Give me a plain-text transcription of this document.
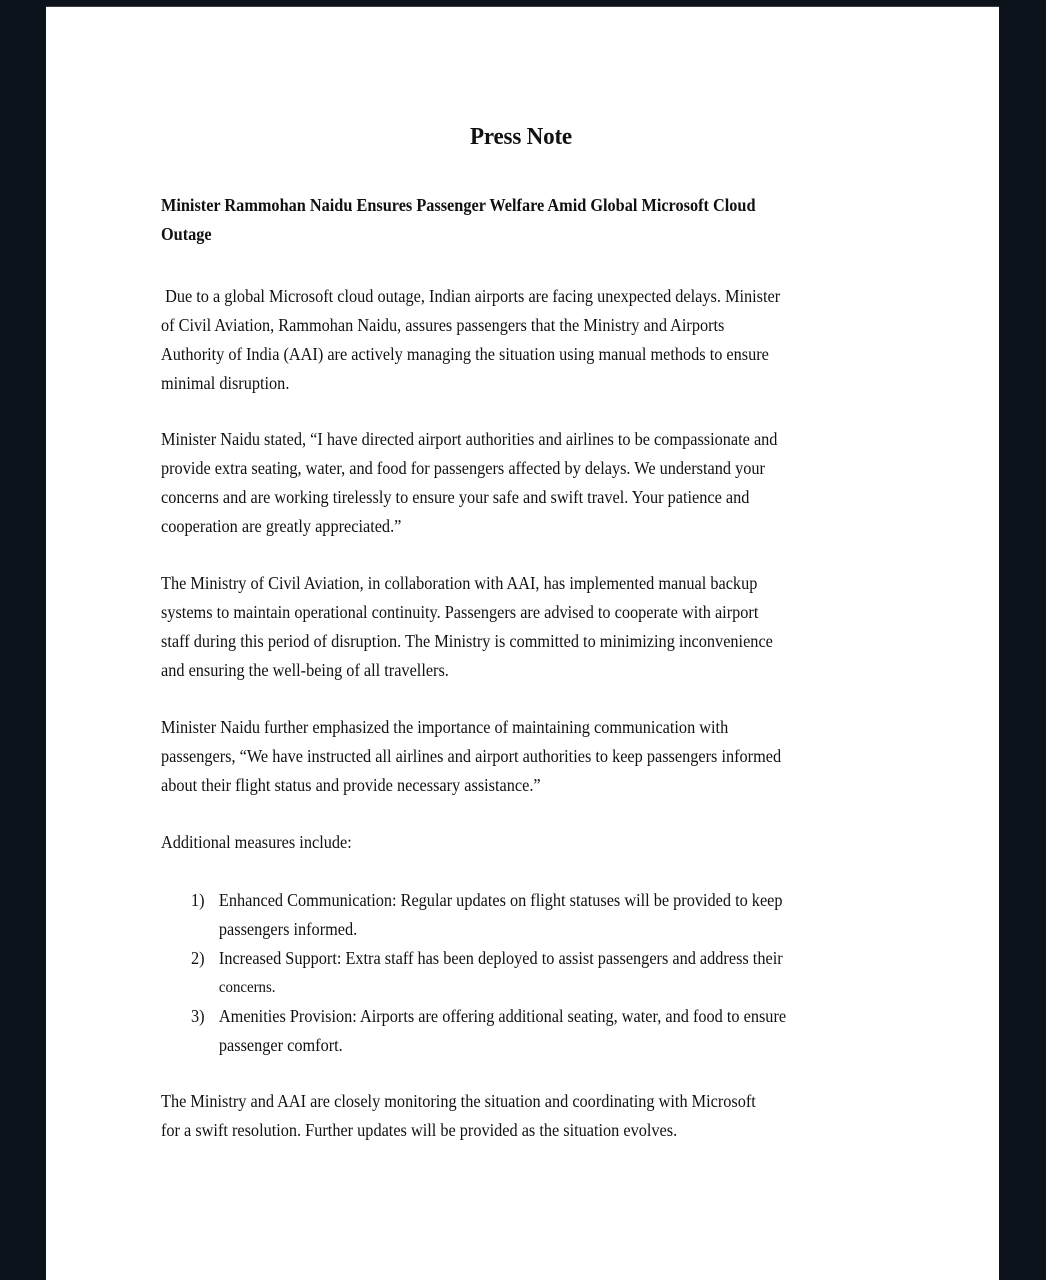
Press Note

Minister Rammohan Naidu Ensures Passenger Welfare Amid Global Microsoft Cloud
Outage

Due to a global Microsoft cloud outage, Indian airports are facing unexpected delays. Minister
of Civil Aviation, Rammohan Naidu, assures passengers that the Ministry and Airports
Authority of India (AAI) are actively managing the situation using manual methods to ensure
minimal disruption.

Minister Naidu stated, “I have directed airport authorities and airlines to be compassionate and
provide extra seating, water, and food for passengers affected by delays. We understand your
concerns and are working tirelessly to ensure your safe and swift travel. Your patience and
cooperation are greatly appreciated.”

The Ministry of Civil Aviation, in collaboration with AAI, has implemented manual backup
systems to maintain operational continuity. Passengers are advised to cooperate with airport
staff during this period of disruption. The Ministry is committed to minimizing inconvenience
and ensuring the well-being of all travellers.

Minister Naidu further emphasized the importance of maintaining communication with
passengers, “We have instructed all airlines and airport authorities to keep passengers informed
about their flight status and provide necessary assistance.”

Additional measures include:

1) Enhanced Communication: Regular updates on flight statuses will be provided to keep
passengers informed.
2) Increased Support: Extra staff has been deployed to assist passengers and address their
concerns.
3) Amenities Provision: Airports are offering additional seating, water, and food to ensure
passenger comfort.

The Ministry and AAI are closely monitoring the situation and coordinating with Microsoft
for a swift resolution. Further updates will be provided as the situation evolves.
